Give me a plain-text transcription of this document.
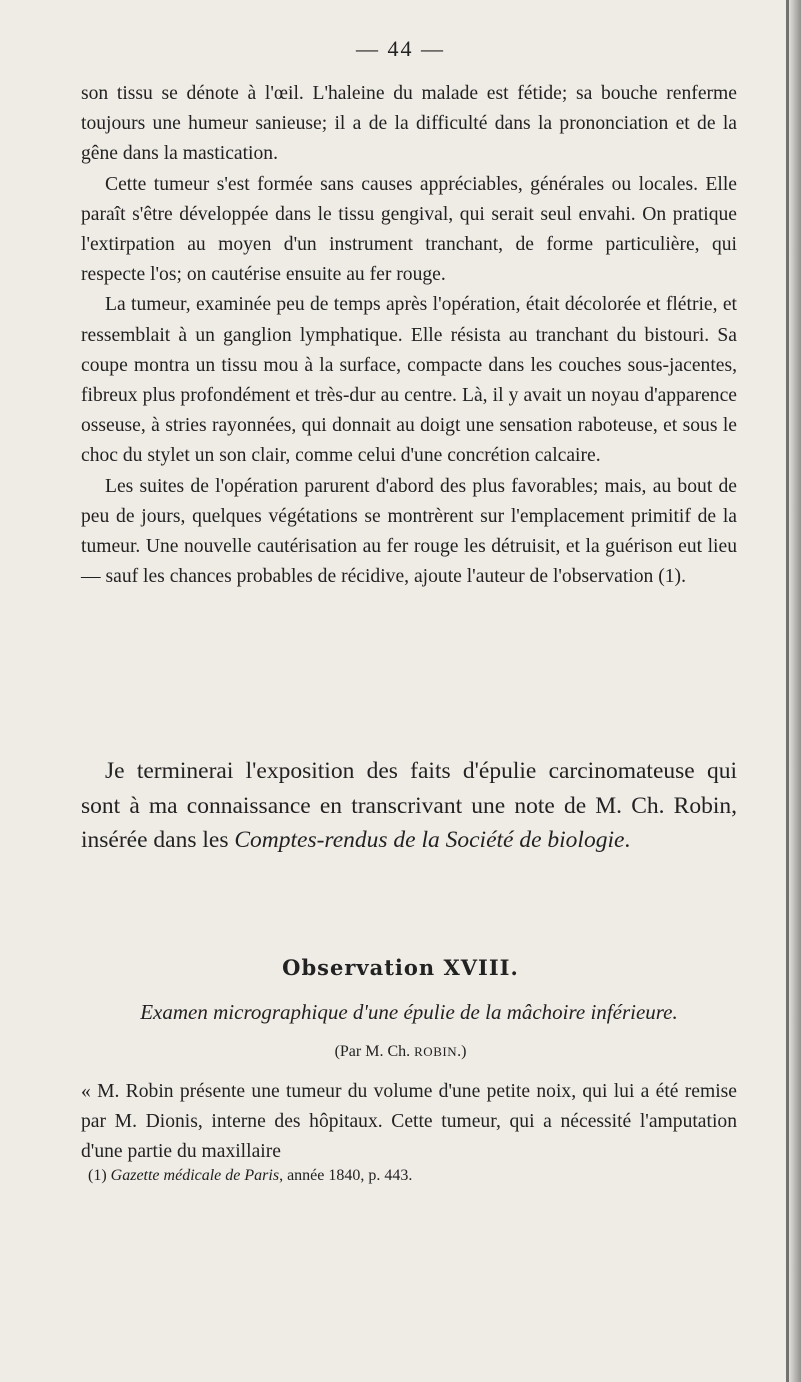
— 44 —

son tissu se dénote à l'œil. L'haleine du malade est fétide; sa bouche renferme toujours une humeur sanieuse; il a de la difficulté dans la prononciation et de la gêne dans la mastication.

Cette tumeur s'est formée sans causes appréciables, générales ou locales. Elle paraît s'être développée dans le tissu gengival, qui serait seul envahi. On pratique l'extirpation au moyen d'un instrument tranchant, de forme particulière, qui respecte l'os; on cautérise ensuite au fer rouge.

La tumeur, examinée peu de temps après l'opération, était décolorée et flétrie, et ressemblait à un ganglion lymphatique. Elle résista au tranchant du bistouri. Sa coupe montra un tissu mou à la surface, compacte dans les couches sous-jacentes, fibreux plus profondément et très-dur au centre. Là, il y avait un noyau d'apparence osseuse, à stries rayonnées, qui donnait au doigt une sensation raboteuse, et sous le choc du stylet un son clair, comme celui d'une concrétion calcaire.

Les suites de l'opération parurent d'abord des plus favorables; mais, au bout de peu de jours, quelques végétations se montrèrent sur l'emplacement primitif de la tumeur. Une nouvelle cautérisation au fer rouge les détruisit, et la guérison eut lieu — sauf les chances probables de récidive, ajoute l'auteur de l'observation (1).

Je terminerai l'exposition des faits d'épulie carcinomateuse qui sont à ma connaissance en transcrivant une note de M. Ch. Robin, insérée dans les Comptes-rendus de la Société de biologie.

Observation XVIII.
Examen micrographique d'une épulie de la mâchoire inférieure.
(Par M. Ch. ROBIN.)

« M. Robin présente une tumeur du volume d'une petite noix, qui lui a été remise par M. Dionis, interne des hôpitaux. Cette tumeur, qui a nécessité l'amputation d'une partie du maxillaire

(1) Gazette médicale de Paris, année 1840, p. 443.
